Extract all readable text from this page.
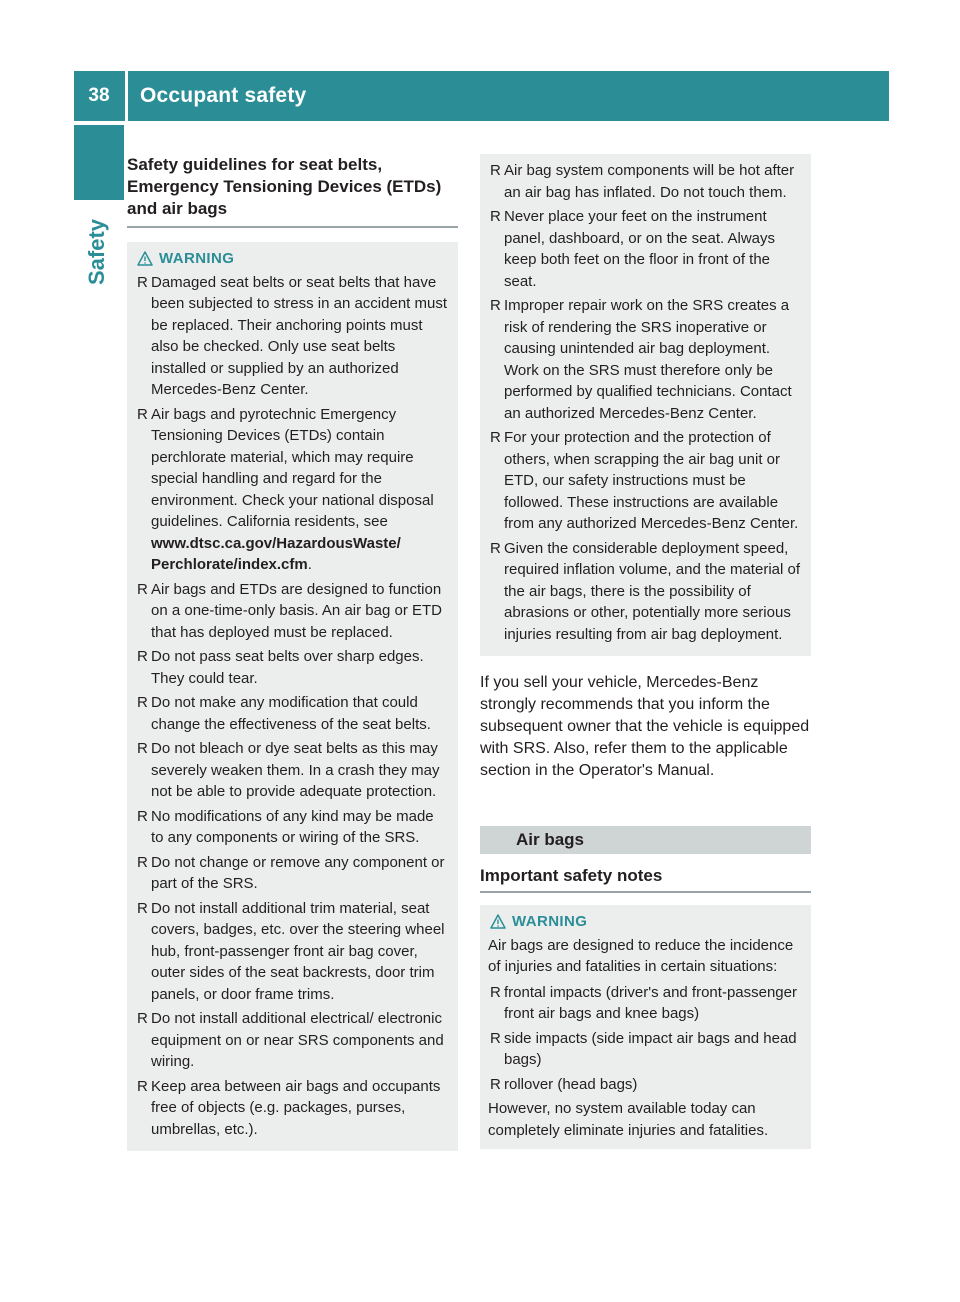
38	Occupant safety
Safety
Safety guidelines for seat belts, Emergency Tensioning Devices (ETDs) and air bags
WARNING
R Damaged seat belts or seat belts that have been subjected to stress in an accident must be replaced. Their anchoring points must also be checked. Only use seat belts installed or supplied by an authorized Mercedes-Benz Center.
R Air bags and pyrotechnic Emergency Tensioning Devices (ETDs) contain perchlorate material, which may require special handling and regard for the environment. Check your national disposal guidelines. California residents, see www.dtsc.ca.gov/HazardousWaste/ Perchlorate/index.cfm.
R Air bags and ETDs are designed to function on a one-time-only basis. An air bag or ETD that has deployed must be replaced.
R Do not pass seat belts over sharp edges. They could tear.
R Do not make any modification that could change the effectiveness of the seat belts.
R Do not bleach or dye seat belts as this may severely weaken them. In a crash they may not be able to provide adequate protection.
R No modifications of any kind may be made to any components or wiring of the SRS.
R Do not change or remove any component or part of the SRS.
R Do not install additional trim material, seat covers, badges, etc. over the steering wheel hub, front-passenger front air bag cover, outer sides of the seat backrests, door trim panels, or door frame trims.
R Do not install additional electrical/ electronic equipment on or near SRS components and wiring.
R Keep area between air bags and occupants free of objects (e.g. packages, purses, umbrellas, etc.).
R Air bag system components will be hot after an air bag has inflated. Do not touch them.
R Never place your feet on the instrument panel, dashboard, or on the seat. Always keep both feet on the floor in front of the seat.
R Improper repair work on the SRS creates a risk of rendering the SRS inoperative or causing unintended air bag deployment. Work on the SRS must therefore only be performed by qualified technicians. Contact an authorized Mercedes-Benz Center.
R For your protection and the protection of others, when scrapping the air bag unit or ETD, our safety instructions must be followed. These instructions are available from any authorized Mercedes-Benz Center.
R Given the considerable deployment speed, required inflation volume, and the material of the air bags, there is the possibility of abrasions or other, potentially more serious injuries resulting from air bag deployment.
If you sell your vehicle, Mercedes-Benz strongly recommends that you inform the subsequent owner that the vehicle is equipped with SRS. Also, refer them to the applicable section in the Operator's Manual.
Air bags
Important safety notes
WARNING

Air bags are designed to reduce the incidence of injuries and fatalities in certain situations:

R frontal impacts (driver's and front-passenger front air bags and knee bags)
R side impacts (side impact air bags and head bags)
R rollover (head bags)

However, no system available today can completely eliminate injuries and fatalities.
